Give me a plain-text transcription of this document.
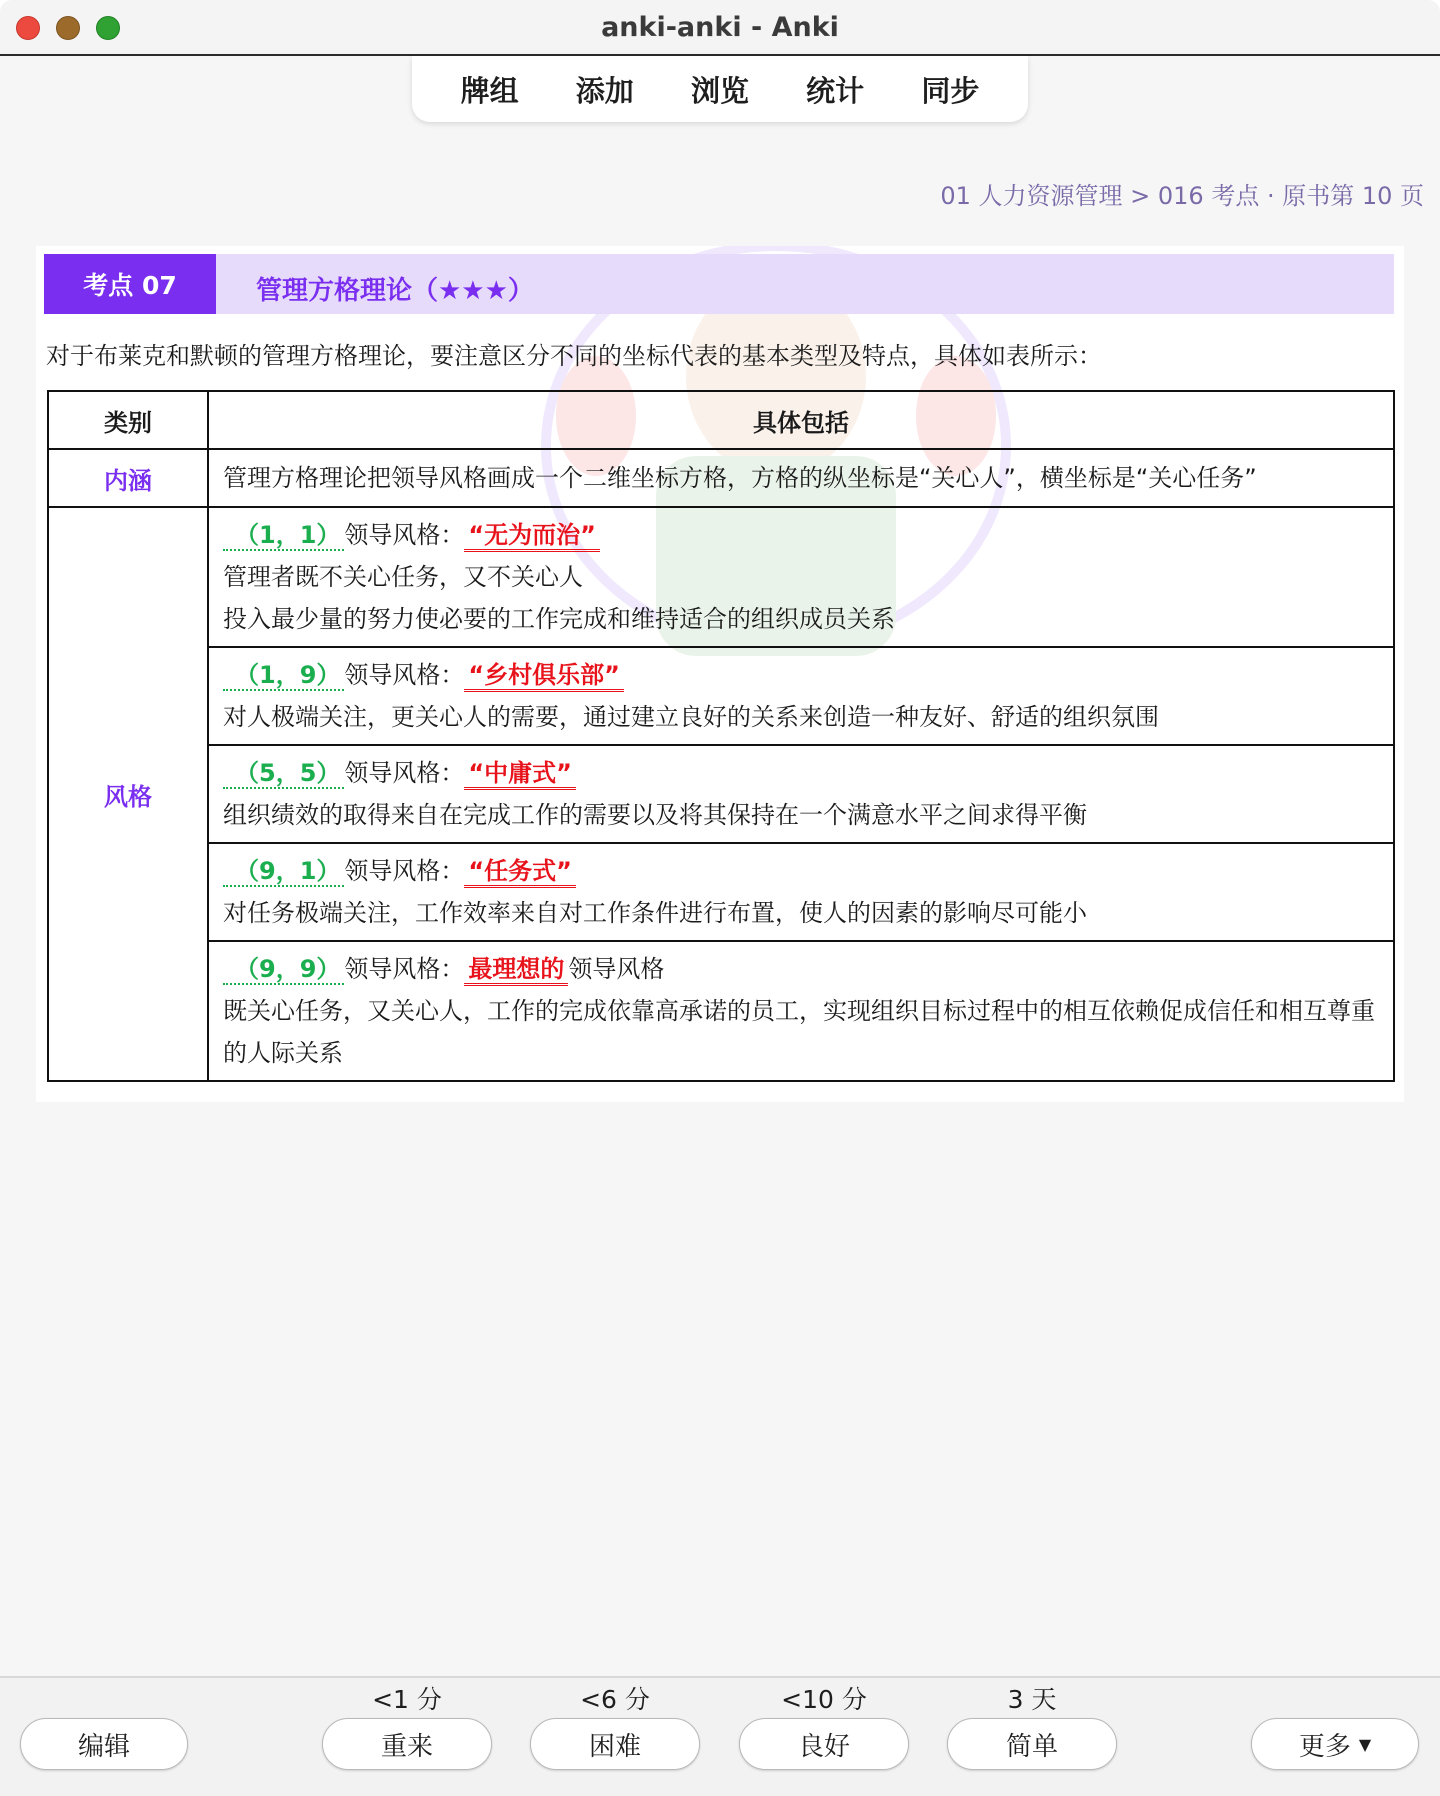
anki-anki - Anki
牌组 添加 浏览 统计 同步
01 人力资源管理 > 016 考点 · 原书第 10 页
考点 07	管理方格理论（★★★）
对于布莱克和默顿的管理方格理论，要注意区分不同的坐标代表的基本类型及特点，具体如表所示：
类别	具体包括
内涵	管理方格理论把领导风格画成一个二维坐标方格，方格的纵坐标是“关心人”，横坐标是“关心任务”
风格	（1，1） 领导风格： “无为而治”
管理者既不关心任务，又不关心人
投入最少量的努力使必要的工作完成和维持适合的组织成员关系

	（1，9） 领导风格： “乡村俱乐部”
对人极端关注，更关心人的需要，通过建立良好的关系来创造一种友好、舒适的组织氛围

	（5，5） 领导风格： “中庸式”
组织绩效的取得来自在完成工作的需要以及将其保持在一个满意水平之间求得平衡

	（9，1） 领导风格： “任务式”
对任务极端关注，工作效率来自对工作条件进行布置，使人的因素的影响尽可能小

	（9，9） 领导风格： 最理想的 领导风格
既关心任务，又关心人，工作的完成依靠高承诺的员工，实现组织目标过程中的相互依赖促成信任和相互尊重的人际关系
编辑
<1 分
重来
<6 分
困难
<10 分
良好
3 天
简单	更多 ▼
